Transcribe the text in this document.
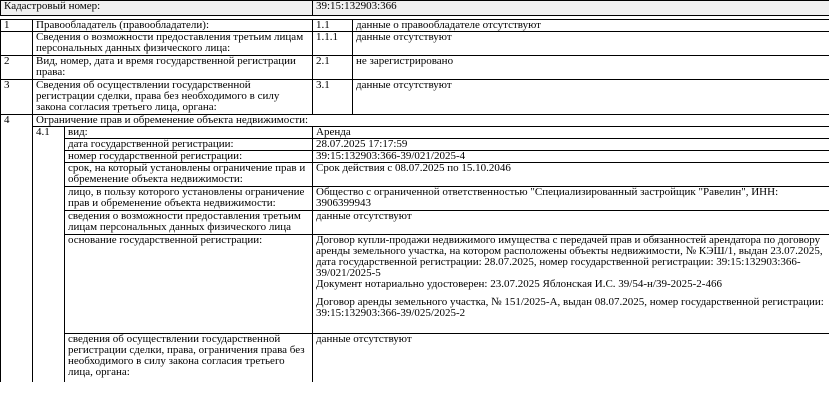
Кадастровый номер:	39:15:132903:366
1	Правообладатель (правообладатели):		1.1	данные о правообладателе отсутствуют
	Сведения о возможности предоставления третьим лицам персональных данных физического лица:		1.1.1	данные отсутствуют
2	Вид, номер, дата и время государственной регистрации права:		2.1	не зарегистрировано
3	Сведения об осуществлении государственной регистрации сделки, права без необходимого в силу закона согласия третьего лица, органа:		3.1	данные отсутствуют
4	Ограничение прав и обременение объекта недвижимости:			
	4.1	вид:	Аренда	
		дата государственной регистрации:	28.07.2025 17:17:59	
		номер государственной регистрации:	39:15:132903:366-39/021/2025-4	
		срок, на который установлены ограничение прав и обременение объекта недвижимости:	Срок действия с 08.07.2025 по 15.10.2046	
		лицо, в пользу которого установлены ограничение прав и обременение объекта недвижимости:	Общество с ограниченной ответственностью "Специализированный застройщик "Равелин", ИНН: 3906399943	
		сведения о возможности предоставления третьим лицам персональных данных физического лица	данные отсутствуют	
		основание государственной регистрации:	Договор купли-продажи недвижимого имущества с передачей прав и обязанностей арендатора по договору аренды земельного участка, на котором расположены объекты недвижимости, № КЭШ/1, выдан 23.07.2025, дата государственной регистрации: 28.07.2025, номер государственной регистрации: 39:15:132903:366-39/021/2025-5
Документ нотариально удостоверен: 23.07.2025 Яблонская И.С. 39/54-н/39-2025-2-466
Договор аренды земельного участка, № 151/2025-А, выдан 08.07.2025, номер государственной регистрации: 39:15:132903:366-39/025/2025-2	

		сведения об осуществлении государственной регистрации сделки, права, ограничения права без необходимого в силу закона согласия третьего лица, органа:	данные отсутствуют	
